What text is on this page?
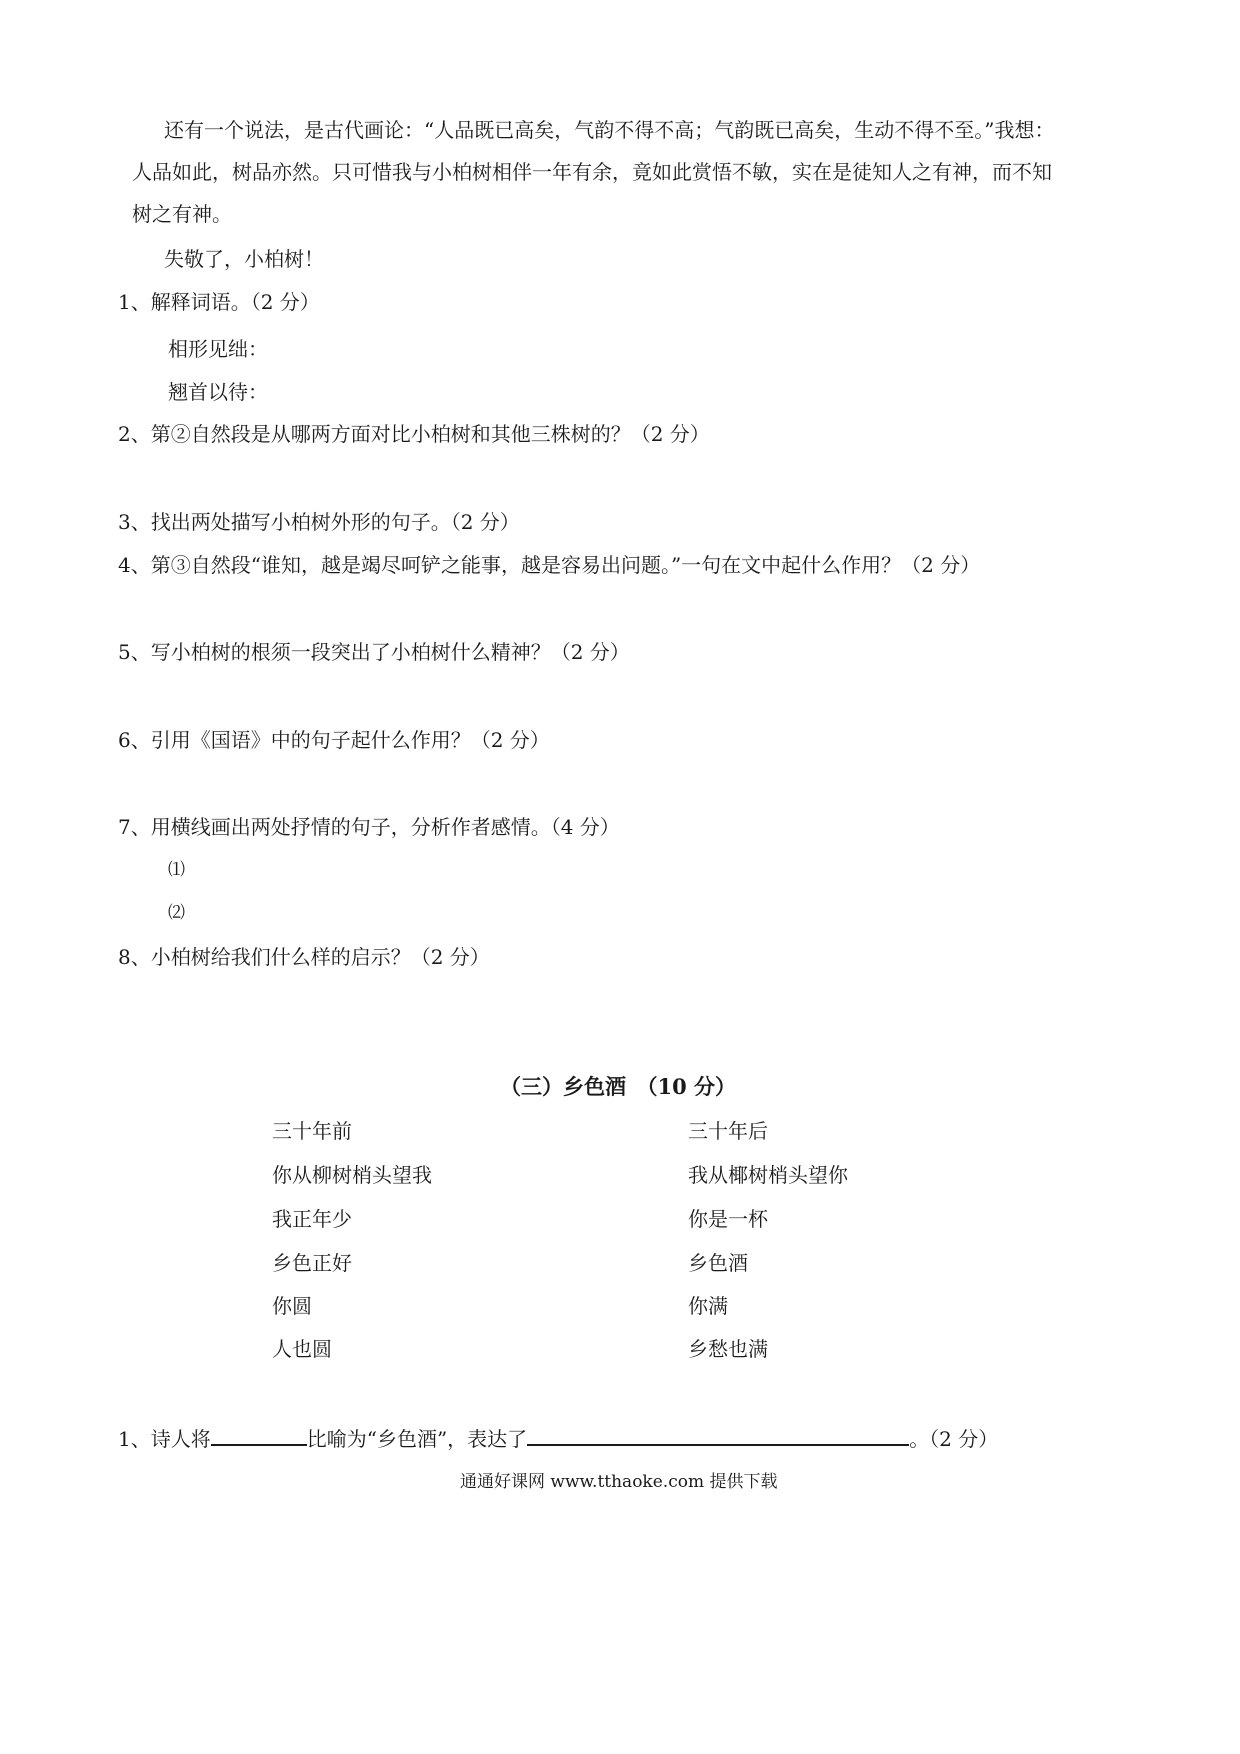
还有一个说法，是古代画论：“人品既已高矣，气韵不得不高；气韵既已高矣，生动不得不至。”我想：
人品如此，树品亦然。只可惜我与小柏树相伴一年有余，竟如此赏悟不敏，实在是徒知人之有神，而不知
树之有神。
失敬了，小柏树！
1、解释词语。（2 分）
相形见绌：
翘首以待：
2、第②自然段是从哪两方面对比小柏树和其他三株树的？（2 分）
3、找出两处描写小柏树外形的句子。（2 分）
4、第③自然段“谁知，越是竭尽呵铲之能事，越是容易出问题。”一句在文中起什么作用？（2 分）
5、写小柏树的根须一段突出了小柏树什么精神？（2 分）
6、引用《国语》中的句子起什么作用？（2 分）
7、用横线画出两处抒情的句子，分析作者感情。（4 分）
⑴
⑵
8、小柏树给我们什么样的启示？（2 分）
（三）乡色酒　（10 分）
三十年前
你从柳树梢头望我
我正年少
乡色正好
你圆
人也圆
三十年后
我从椰树梢头望你
你是一杯
乡色酒
你满
乡愁也满
1、诗人将	比喻为“乡色酒”，表达了	。（2 分）
通通好课网 www.tthaoke.com 提供下载
